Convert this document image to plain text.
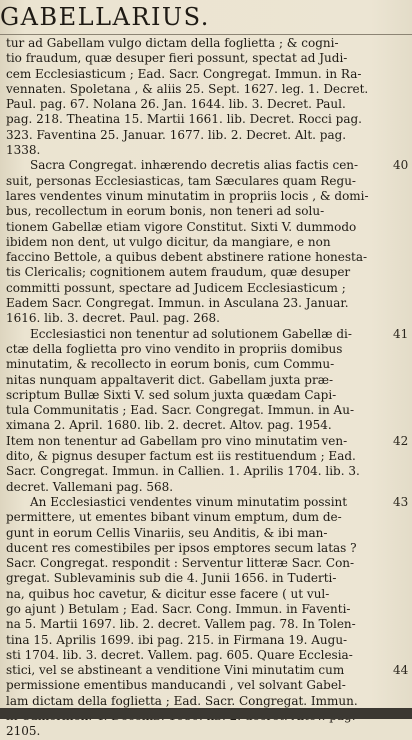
GABELLARIUS.
tur ad Gabellam vulgo dictam della foglietta ; & cogni-
tio fraudum, quæ desuper fieri possunt, spectat ad Judi-
cem Ecclesiasticum ; Ead. Sacr. Congregat. Immun. in Ra-
vennaten. Spoletana , & aliis 25. Sept. 1627. leg. 1. Decret.
Paul. pag. 67. Nolana 26. Jan. 1644. lib. 3. Decret. Paul.
pag. 218. Theatina 15. Martii 1661. lib. Decret. Rocci pag.
323. Faventina 25. Januar. 1677. lib. 2. Decret. Alt. pag.
1338.
Sacra Congregat. inhærendo decretis alias factis cen-
suit, personas Ecclesiasticas, tam Sæculares quam Regu-
lares vendentes vinum minutatim in propriis locis , & domi-
bus, recollectum in eorum bonis, non teneri ad solu-
tionem Gabellæ etiam vigore Constitut. Sixti V. dummodo
ibidem non dent, ut vulgo dicitur, da mangiare, e non
faccino Bettole, a quibus debent abstinere ratione honesta-
tis Clericalis; cognitionem autem fraudum, quæ desuper
committi possunt, spectare ad Judicem Ecclesiasticum ;
Eadem Sacr. Congregat. Immun. in Asculana 23. Januar.
1616. lib. 3. decret. Paul. pag. 268.
Ecclesiastici non tenentur ad solutionem Gabellæ di-
ctæ della foglietta pro vino vendito in propriis domibus
minutatim, & recollecto in eorum bonis, cum Commu-
nitas nunquam appaltaverit dict. Gabellam juxta præ-
scriptum Bullæ Sixti V. sed solum juxta quædam Capi-
tula Communitatis ; Ead. Sacr. Congregat. Immun. in Au-
ximana 2. April. 1680. lib. 2. decret. Altov. pag. 1954.
Item non tenentur ad Gabellam pro vino minutatim ven-
dito, & pignus desuper factum est iis restituendum ; Ead.
Sacr. Congregat. Immun. in Callien. 1. Aprilis 1704. lib. 3.
decret. Vallemani pag. 568.
An Ecclesiastici vendentes vinum minutatim possint
permittere, ut ementes bibant vinum emptum, dum de-
gunt in eorum Cellis Vinariis, seu Anditis, & ibi man-
ducent res comestibiles per ipsos emptores secum latas ?
Sacr. Congregat. respondit : Serventur litteræ Sacr. Con-
gregat. Sublevaminis sub die 4. Junii 1656. in Tuderti-
na, quibus hoc cavetur, & dicitur esse facere ( ut vul-
go ajunt ) Betulam ; Ead. Sacr. Cong. Immun. in Faventi-
na 5. Martii 1697. lib. 2. decret. Vallem pag. 78. In Tolen-
tina 15. Aprilis 1699. ibi pag. 215. in Firmana 19. Augu-
sti 1704. lib. 3. decret. Vallem. pag. 605. Quare Ecclesia-
stici, vel se abstineant a venditione Vini minutatim cum
permissione ementibus manducandi , vel solvant Gabel-
lam dictam della foglietta ; Ead. Sacr. Congregat. Immun.
2105.
40
41
42
43
44
